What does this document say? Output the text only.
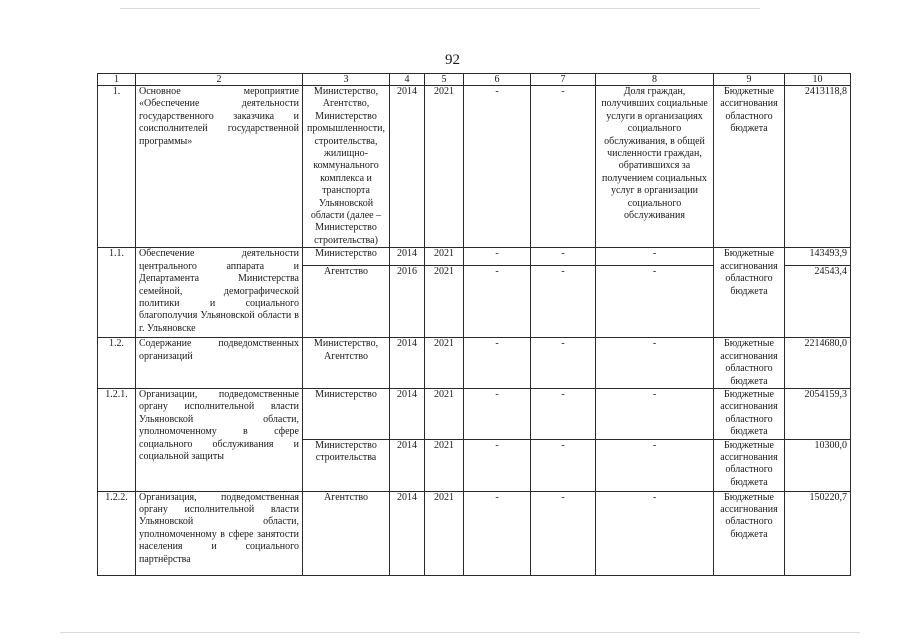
92
1	2	3	4	5	6	7	8	9	10
1.	Основное мероприятие «Обеспечение деятельности государственного заказчика и соисполнителей государственной программы»	Министерство, Агентство, Министерство промышленности, строительства, жилищно-коммунального комплекса и транспорта Ульяновской области (далее – Министерство строительства)	2014	2021	-	-	Доля граждан, получивших социальные услуги в организациях социального обслуживания, в общей численности граждан, обратившихся за получением социальных услуг в организации социального обслуживания	Бюджетные ассигнования областного бюджета	2413118,8
1.1.	Обеспечение деятельности центрального аппарата и Департамента Министерства семейной, демографической политики и социального благополучия Ульяновской области в г. Ульяновске	Министерство	2014	2021	-	-	-	Бюджетные ассигнования областного бюджета	143493,9
		Агентство	2016	2021	-	-	-		24543,4
1.2.	Содержание подведомственных организаций	Министерство, Агентство	2014	2021	-	-	-	Бюджетные ассигнования областного бюджета	2214680,0
1.2.1.	Организации, подведомственные органу исполнительной власти Ульяновской области, уполномоченному в сфере социального обслуживания и социальной защиты	Министерство	2014	2021	-	-	-	Бюджетные ассигнования областного бюджета	2054159,3
		Министерство строительства	2014	2021	-	-	-	Бюджетные ассигнования областного бюджета	10300,0
1.2.2.	Организация, подведомственная органу исполнительной власти Ульяновской области, уполномоченному в сфере занятости населения и социального партнёрства	Агентство	2014	2021	-	-	-	Бюджетные ассигнования областного бюджета	150220,7
